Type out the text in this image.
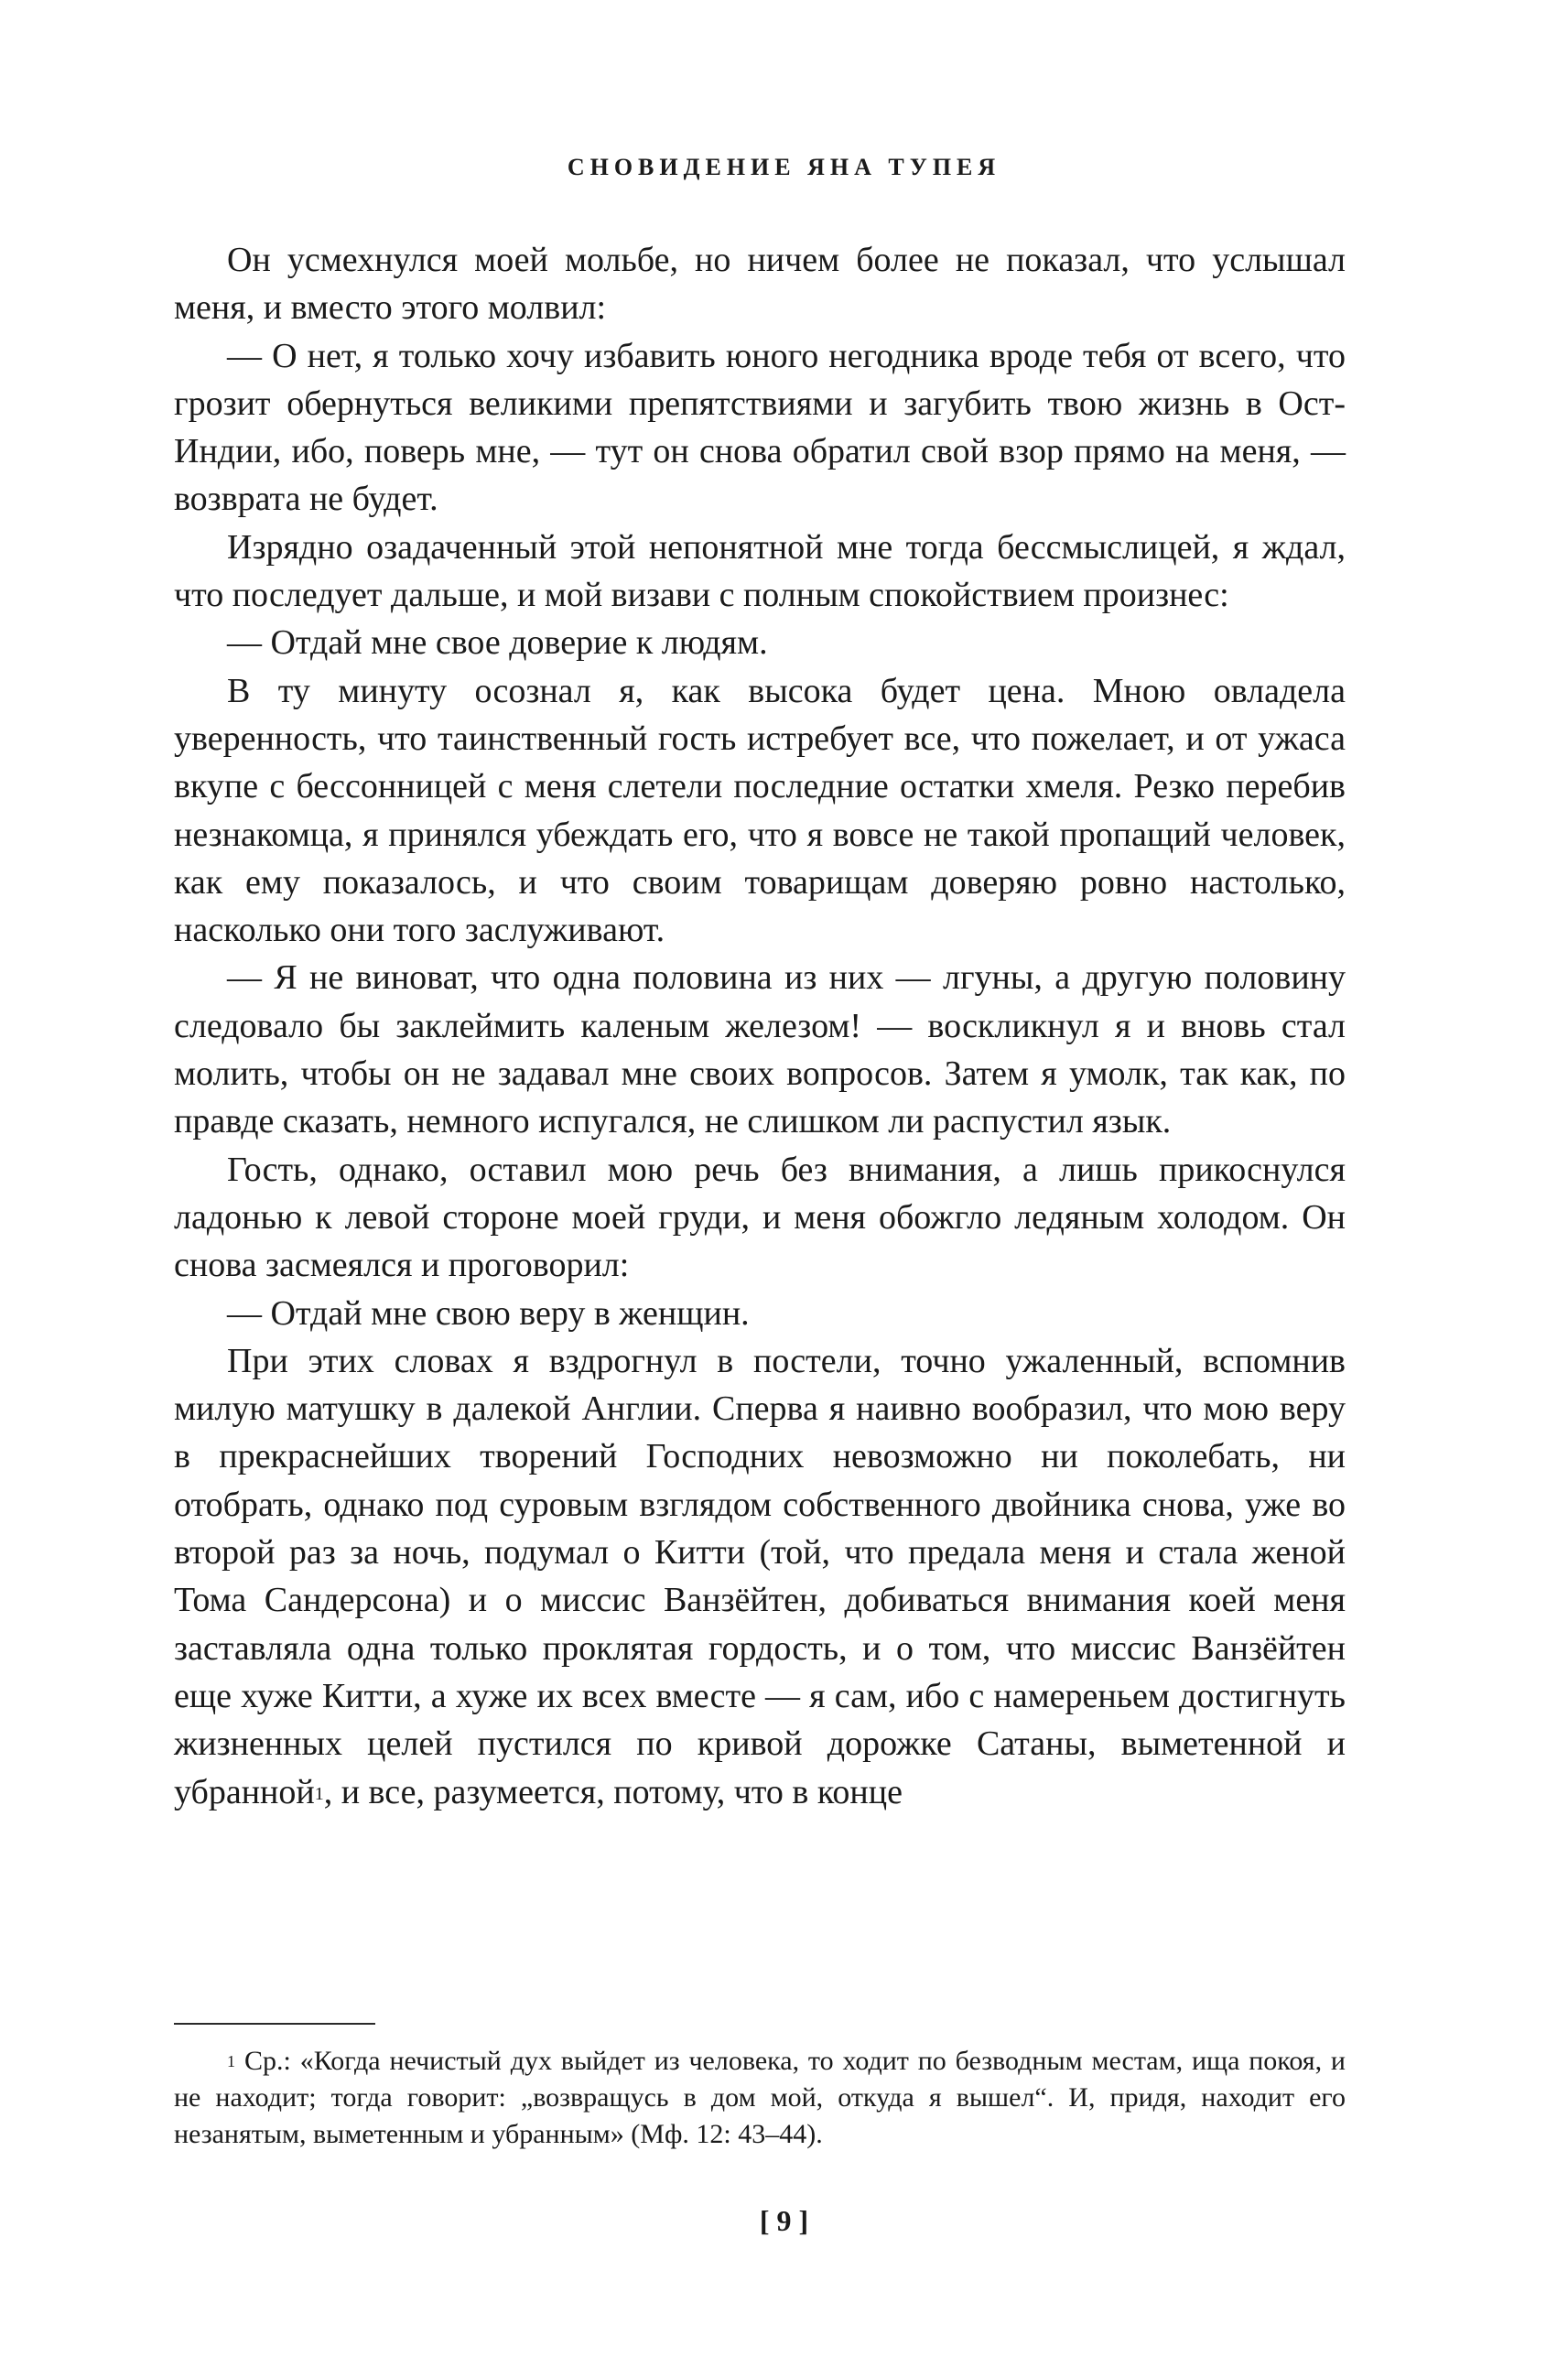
СНОВИДЕНИЕ ЯНА ТУПЕЯ

Он усмехнулся моей мольбе, но ничем более не показал, что услышал меня, и вместо этого молвил:

— О нет, я только хочу избавить юного негодника вроде тебя от всего, что грозит обернуться великими препятствиями и загубить твою жизнь в Ост-Индии, ибо, поверь мне, — тут он снова обратил свой взор прямо на меня, — возврата не будет.

Изрядно озадаченный этой непонятной мне тогда бессмыслицей, я ждал, что последует дальше, и мой визави с полным спокойствием произнес:

— Отдай мне свое доверие к людям.

В ту минуту осознал я, как высока будет цена. Мною овладела уверенность, что таинственный гость истребует все, что пожелает, и от ужаса вкупе с бессонницей с меня слетели последние остатки хмеля. Резко перебив незнакомца, я принялся убеждать его, что я вовсе не такой пропащий человек, как ему показалось, и что своим товарищам доверяю ровно настолько, насколько они того заслуживают.

— Я не виноват, что одна половина из них — лгуны, а другую половину следовало бы заклеймить каленым железом! — воскликнул я и вновь стал молить, чтобы он не задавал мне своих вопросов. Затем я умолк, так как, по правде сказать, немного испугался, не слишком ли распустил язык.

Гость, однако, оставил мою речь без внимания, а лишь прикоснулся ладонью к левой стороне моей груди, и меня обожгло ледяным холодом. Он снова засмеялся и проговорил:

— Отдай мне свою веру в женщин.

При этих словах я вздрогнул в постели, точно ужаленный, вспомнив милую матушку в далекой Англии. Сперва я наивно вообразил, что мою веру в прекраснейших творений Господних невозможно ни поколебать, ни отобрать, однако под суровым взглядом собственного двойника снова, уже во второй раз за ночь, подумал о Китти (той, что предала меня и стала женой Тома Сандерсона) и о миссис Ванзёйтен, добиваться внимания коей меня заставляла одна только проклятая гордость, и о том, что миссис Ванзёйтен еще хуже Китти, а хуже их всех вместе — я сам, ибо с намереньем достигнуть жизненных целей пустился по кривой дорожке Сатаны, выметенной и убранной$^1$, и все, разумеется, потому, что в конце

$^1$ Ср.: «Когда нечистый дух выйдет из человека, то ходит по безводным местам, ища покоя, и не находит; тогда говорит: „возвращусь в дом мой, откуда я вышел“. И, придя, находит его незанятым, выметенным и убранным» (Мф. 12: 43–44).

[ 9 ]
